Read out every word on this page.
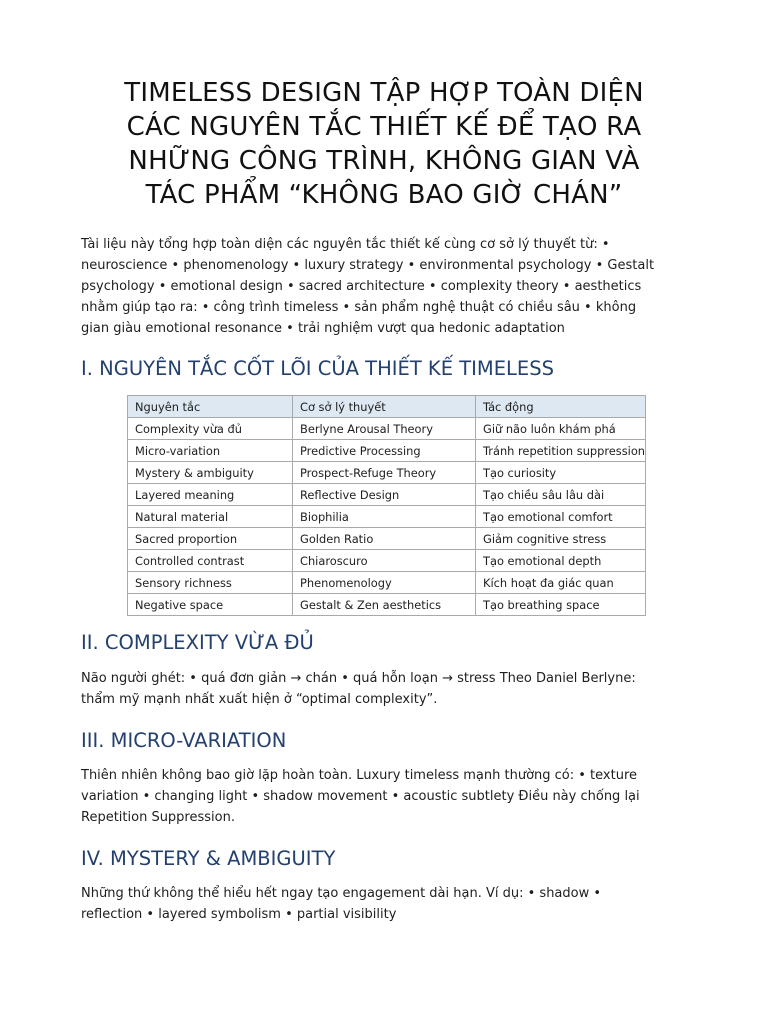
TIMELESS DESIGN TẬP HỢP TOÀN DIỆN
CÁC NGUYÊN TẮC THIẾT KẾ ĐỂ TẠO RA
NHỮNG CÔNG TRÌNH, KHÔNG GIAN VÀ
TÁC PHẨM “KHÔNG BAO GIỜ CHÁN”
Tài liệu này tổng hợp toàn diện các nguyên tắc thiết kế cùng cơ sở lý thuyết từ: •
neuroscience • phenomenology • luxury strategy • environmental psychology • Gestalt
psychology • emotional design • sacred architecture • complexity theory • aesthetics
nhằm giúp tạo ra: • công trình timeless • sản phẩm nghệ thuật có chiều sâu • không
gian giàu emotional resonance • trải nghiệm vượt qua hedonic adaptation
I. NGUYÊN TẮC CỐT LÕI CỦA THIẾT KẾ TIMELESS
Nguyên tắc	Cơ sở lý thuyết	Tác động
Complexity vừa đủ	Berlyne Arousal Theory	Giữ não luôn khám phá
Micro-variation	Predictive Processing	Tránh repetition suppression
Mystery & ambiguity	Prospect-Refuge Theory	Tạo curiosity
Layered meaning	Reflective Design	Tạo chiều sâu lâu dài
Natural material	Biophilia	Tạo emotional comfort
Sacred proportion	Golden Ratio	Giảm cognitive stress
Controlled contrast	Chiaroscuro	Tạo emotional depth
Sensory richness	Phenomenology	Kích hoạt đa giác quan
Negative space	Gestalt & Zen aesthetics	Tạo breathing space
II. COMPLEXITY VỪA ĐỦ
Não người ghét: • quá đơn giản → chán • quá hỗn loạn → stress Theo Daniel Berlyne:
thẩm mỹ mạnh nhất xuất hiện ở “optimal complexity”.
III. MICRO-VARIATION
Thiên nhiên không bao giờ lặp hoàn toàn. Luxury timeless mạnh thường có: • texture
variation • changing light • shadow movement • acoustic subtlety Điều này chống lại
Repetition Suppression.
IV. MYSTERY & AMBIGUITY
Những thứ không thể hiểu hết ngay tạo engagement dài hạn. Ví dụ: • shadow •
reflection • layered symbolism • partial visibility
